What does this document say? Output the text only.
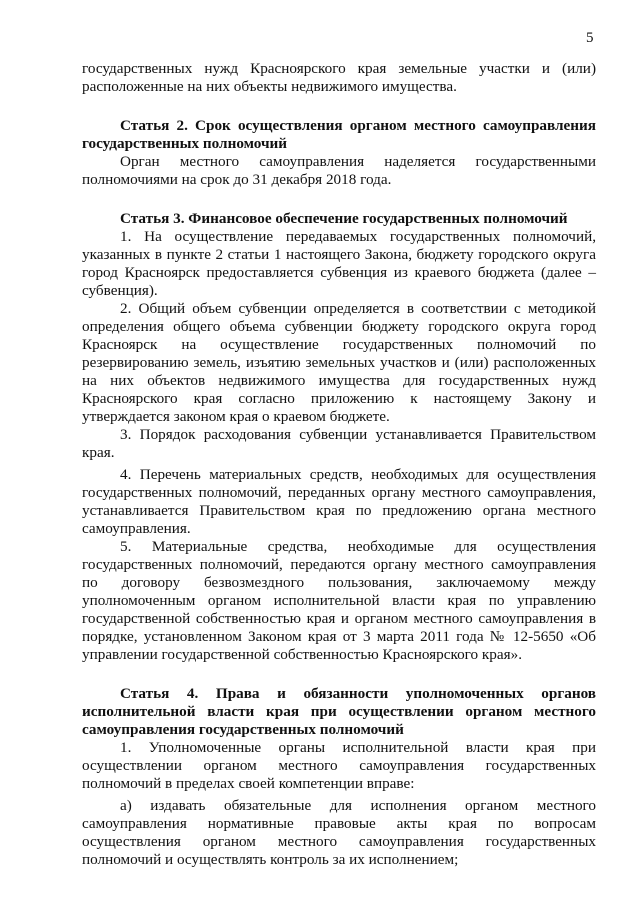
5

государственных нужд Красноярского края земельные участки и (или) расположенные на них объекты недвижимого имущества.

Статья 2. Срок осуществления органом местного самоуправления государственных полномочий

Орган местного самоуправления наделяется государственными полномочиями на срок до 31 декабря 2018 года.

Статья 3. Финансовое обеспечение государственных полномочий

1. На осуществление передаваемых государственных полномочий, указанных в пункте 2 статьи 1 настоящего Закона, бюджету городского округа город Красноярск предоставляется субвенция из краевого бюджета (далее – субвенция).

2. Общий объем субвенции определяется в соответствии с методикой определения общего объема субвенции бюджету городского округа город Красноярск на осуществление государственных полномочий по резервированию земель, изъятию земельных участков и (или) расположенных на них объектов недвижимого имущества для государственных нужд Красноярского края согласно приложению к настоящему Закону и утверждается законом края о краевом бюджете.

3. Порядок расходования субвенции устанавливается Правительством края.

4. Перечень материальных средств, необходимых для осуществления государственных полномочий, переданных органу местного самоуправления, устанавливается Правительством края по предложению органа местного самоуправления.

5. Материальные средства, необходимые для осуществления государственных полномочий, передаются органу местного самоуправления по договору безвозмездного пользования, заключаемому между уполномоченным органом исполнительной власти края по управлению государственной собственностью края и органом местного самоуправления в порядке, установленном Законом края от 3 марта 2011 года № 12-5650 «Об управлении государственной собственностью Красноярского края».

Статья 4. Права и обязанности уполномоченных органов исполнительной власти края при осуществлении органом местного самоуправления государственных полномочий

1. Уполномоченные органы исполнительной власти края при осуществлении органом местного самоуправления государственных полномочий в пределах своей компетенции вправе:

а) издавать обязательные для исполнения органом местного самоуправления нормативные правовые акты края по вопросам осуществления органом местного самоуправления государственных полномочий и осуществлять контроль за их исполнением;
